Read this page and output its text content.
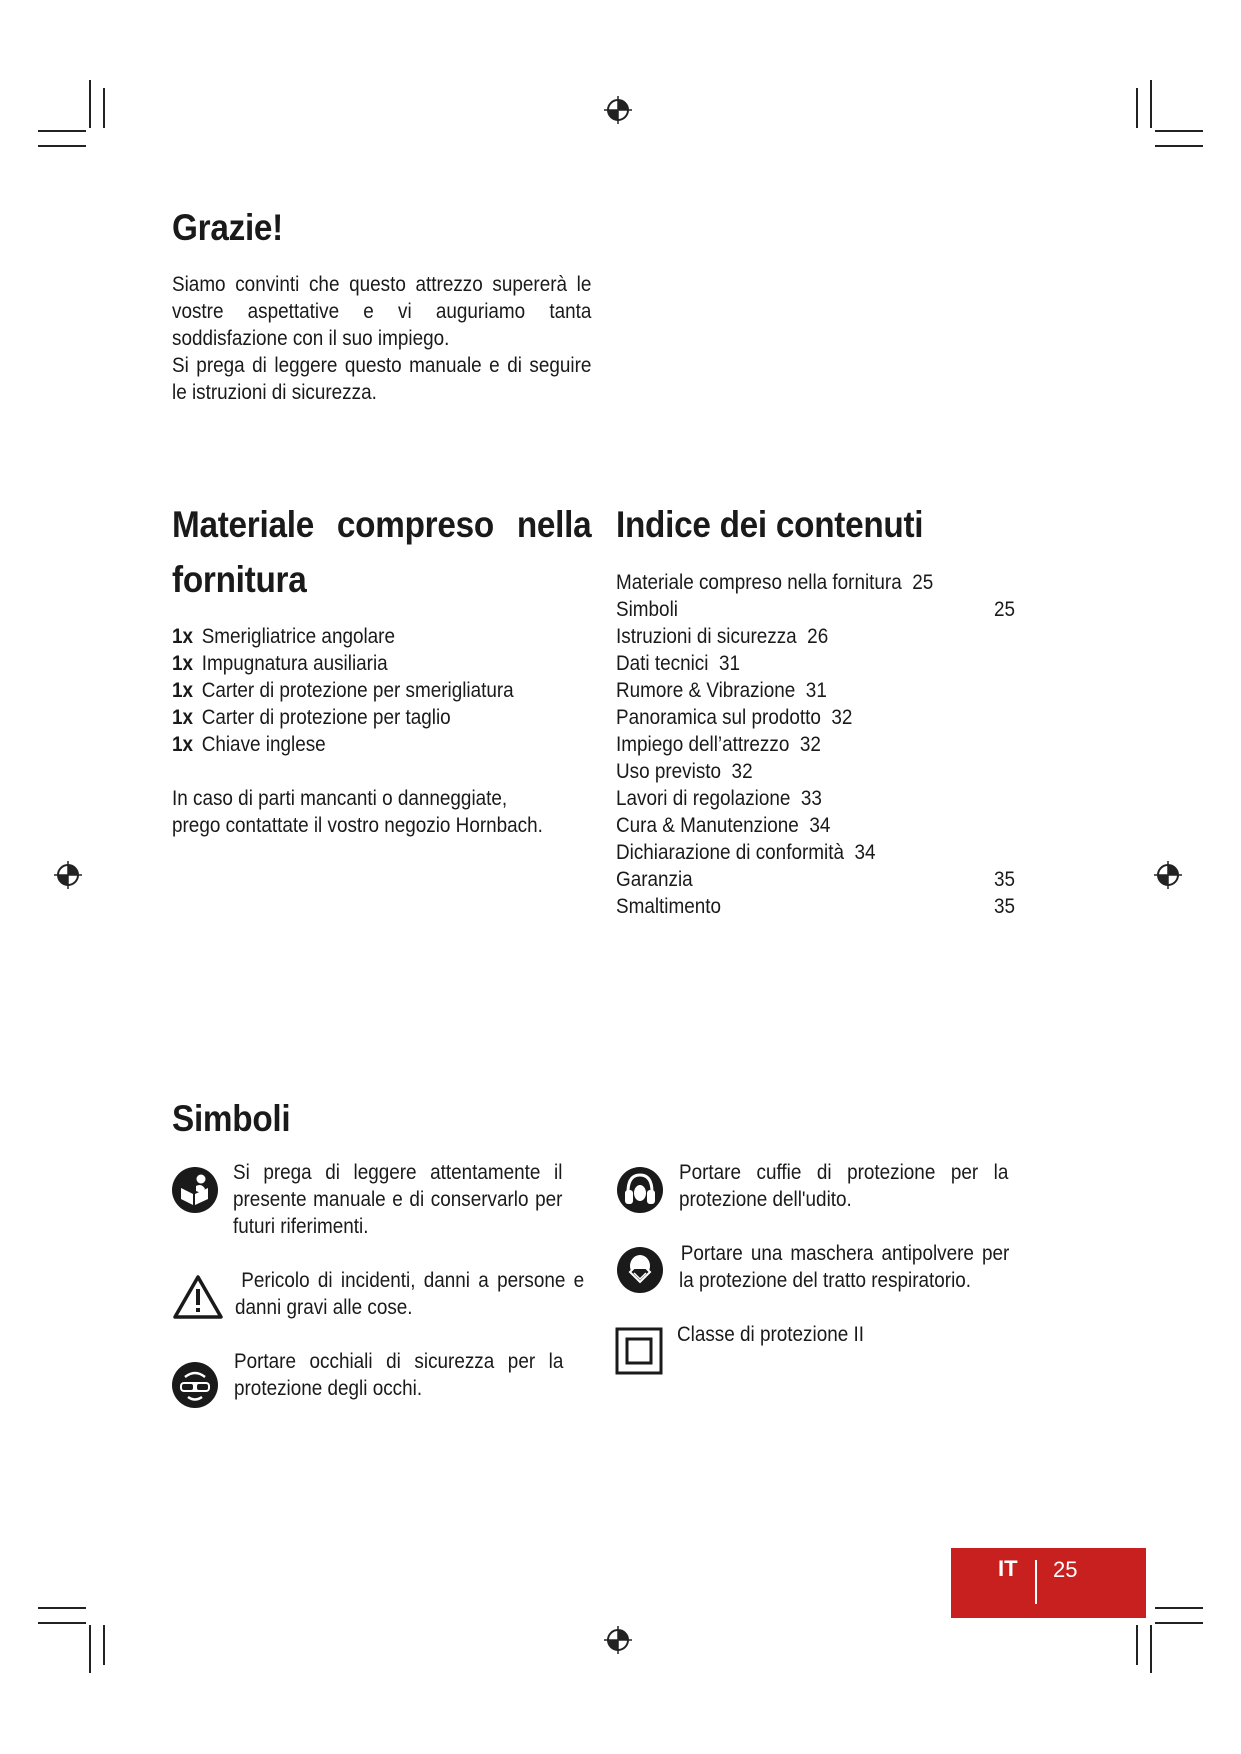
Grazie!

Siamo convinti che questo attrezzo supererà le vostre aspettative e vi auguriamo tanta soddisfazione con il suo impiego.

Si prega di leggere questo manuale e di seguire le istruzioni di sicurezza.

Materiale compreso nella fornitura
1x Smerigliatrice angolare
1x Impugnatura ausiliaria
1x Carter di protezione per smerigliatura
1x Carter di protezione per taglio
1x Chiave inglese

In caso di parti mancanti o danneggiate, prego contattate il vostro negozio Hornbach.

Indice dei contenuti
Materiale compreso nella fornitura 25
Simboli	25
Istruzioni di sicurezza 26
Dati tecnici 31
Rumore & Vibrazione 31
Panoramica sul prodotto 32
Impiego dell’attrezzo 32
Uso previsto 32
Lavori di regolazione 33
Cura & Manutenzione 34
Dichiarazione di conformità 34
Garanzia	35
Smaltimento	35
Simboli

Si prega di leggere attentamente il presente manuale e di conservarlo per futuri riferimenti.

Pericolo di incidenti, danni a persone e danni gravi alle cose.

Portare occhiali di sicurezza per la protezione degli occhi.

Portare cuffie di protezione per la protezione dell'udito.

Portare una maschera antipolvere per la protezione del tratto respiratorio.

Classe di protezione II

IT 25
